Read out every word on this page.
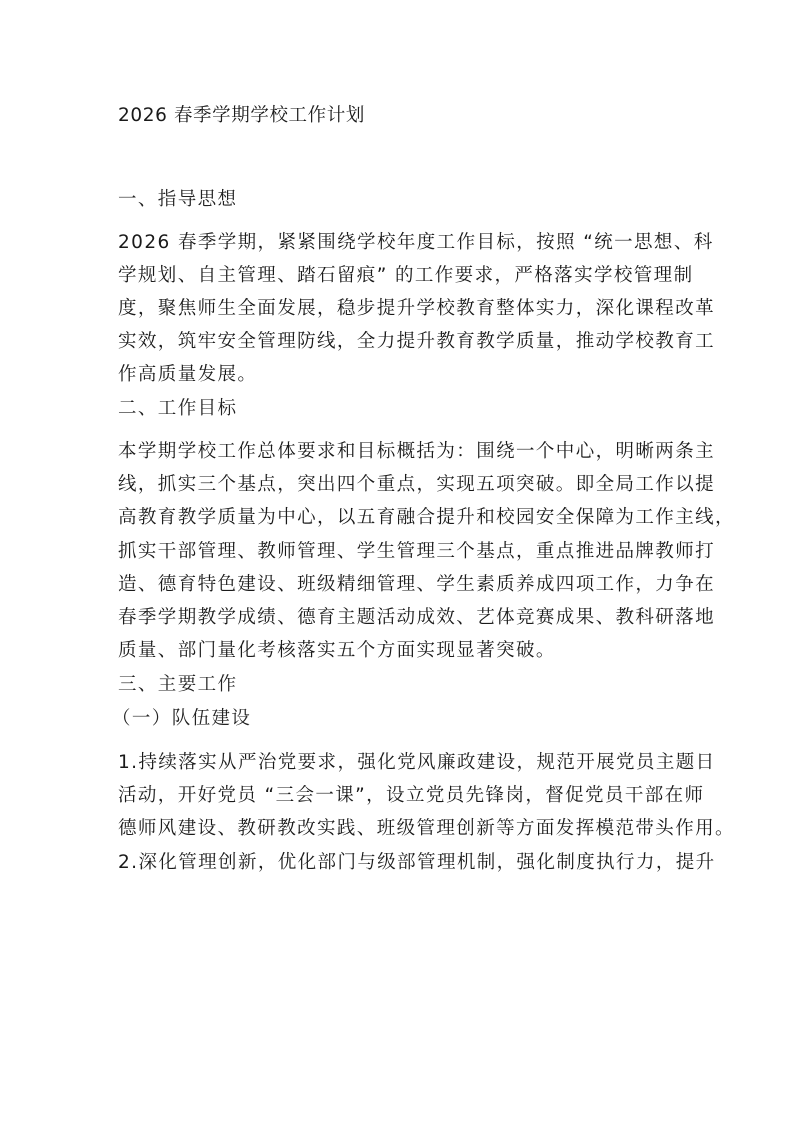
2026 春季学期学校工作计划
一、指导思想
2026 春季学期，紧紧围绕学校年度工作目标，按照 “统一思想、科
学规划、自主管理、踏石留痕” 的工作要求，严格落实学校管理制
度，聚焦师生全面发展，稳步提升学校教育整体实力，深化课程改革
实效，筑牢安全管理防线，全力提升教育教学质量，推动学校教育工
作高质量发展。
二、工作目标
本学期学校工作总体要求和目标概括为：围绕一个中心，明晰两条主
线，抓实三个基点，突出四个重点，实现五项突破。即全局工作以提
高教育教学质量为中心，以五育融合提升和校园安全保障为工作主线，
抓实干部管理、教师管理、学生管理三个基点，重点推进品牌教师打
造、德育特色建设、班级精细管理、学生素质养成四项工作，力争在
春季学期教学成绩、德育主题活动成效、艺体竞赛成果、教科研落地
质量、部门量化考核落实五个方面实现显著突破。
三、主要工作
（一）队伍建设
1.持续落实从严治党要求，强化党风廉政建设，规范开展党员主题日
活动，开好党员 “三会一课”，设立党员先锋岗，督促党员干部在师
德师风建设、教研教改实践、班级管理创新等方面发挥模范带头作用。
2.深化管理创新，优化部门与级部管理机制，强化制度执行力，提升
